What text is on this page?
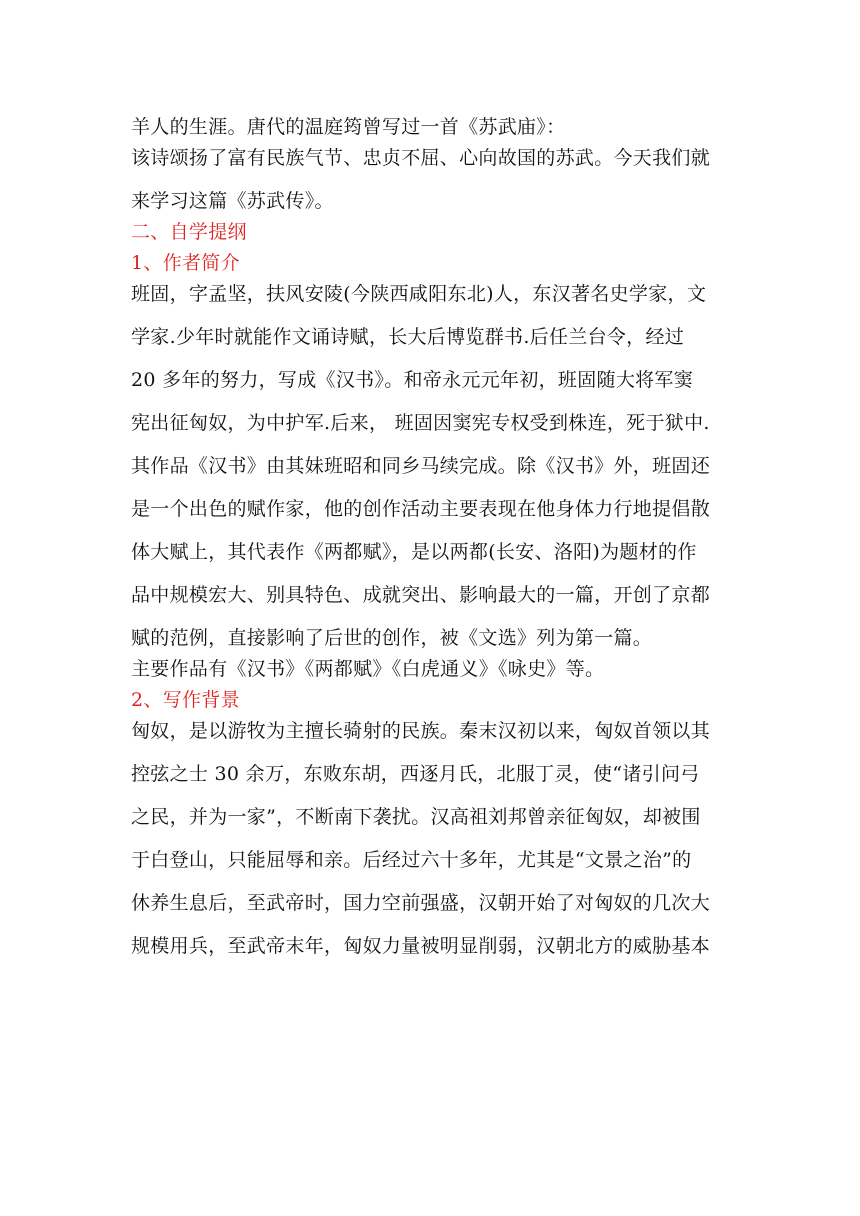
羊人的生涯。唐代的温庭筠曾写过一首《苏武庙》：

该诗颂扬了富有民族气节、忠贞不屈、心向故国的苏武。今天我们就
来学习这篇《苏武传》。

二、自学提纲

1、作者简介

班固，字孟坚，扶风安陵(今陕西咸阳东北)人，东汉著名史学家，文
学家.少年时就能作文诵诗赋，长大后博览群书.后任兰台令，经过
20 多年的努力，写成《汉书》。和帝永元元年初，班固随大将军窦
宪出征匈奴，为中护军.后来， 班固因窦宪专权受到株连，死于狱中.
其作品《汉书》由其妹班昭和同乡马续完成。除《汉书》外，班固还
是一个出色的赋作家，他的创作活动主要表现在他身体力行地提倡散
体大赋上，其代表作《两都赋》，是以两都(长安、洛阳)为题材的作
品中规模宏大、别具特色、成就突出、影响最大的一篇，开创了京都
赋的范例，直接影响了后世的创作，被《文选》列为第一篇。

主要作品有《汉书》《两都赋》《白虎通义》《咏史》等。

2、写作背景

匈奴，是以游牧为主擅长骑射的民族。秦末汉初以来，匈奴首领以其
控弦之士 30 余万，东败东胡，西逐月氏，北服丁灵，使“诸引问弓
之民，并为一家”，不断南下袭扰。汉高祖刘邦曾亲征匈奴，却被围
于白登山，只能屈辱和亲。后经过六十多年，尤其是“文景之治”的
休养生息后，至武帝时，国力空前强盛，汉朝开始了对匈奴的几次大
规模用兵，至武帝末年，匈奴力量被明显削弱，汉朝北方的威胁基本
